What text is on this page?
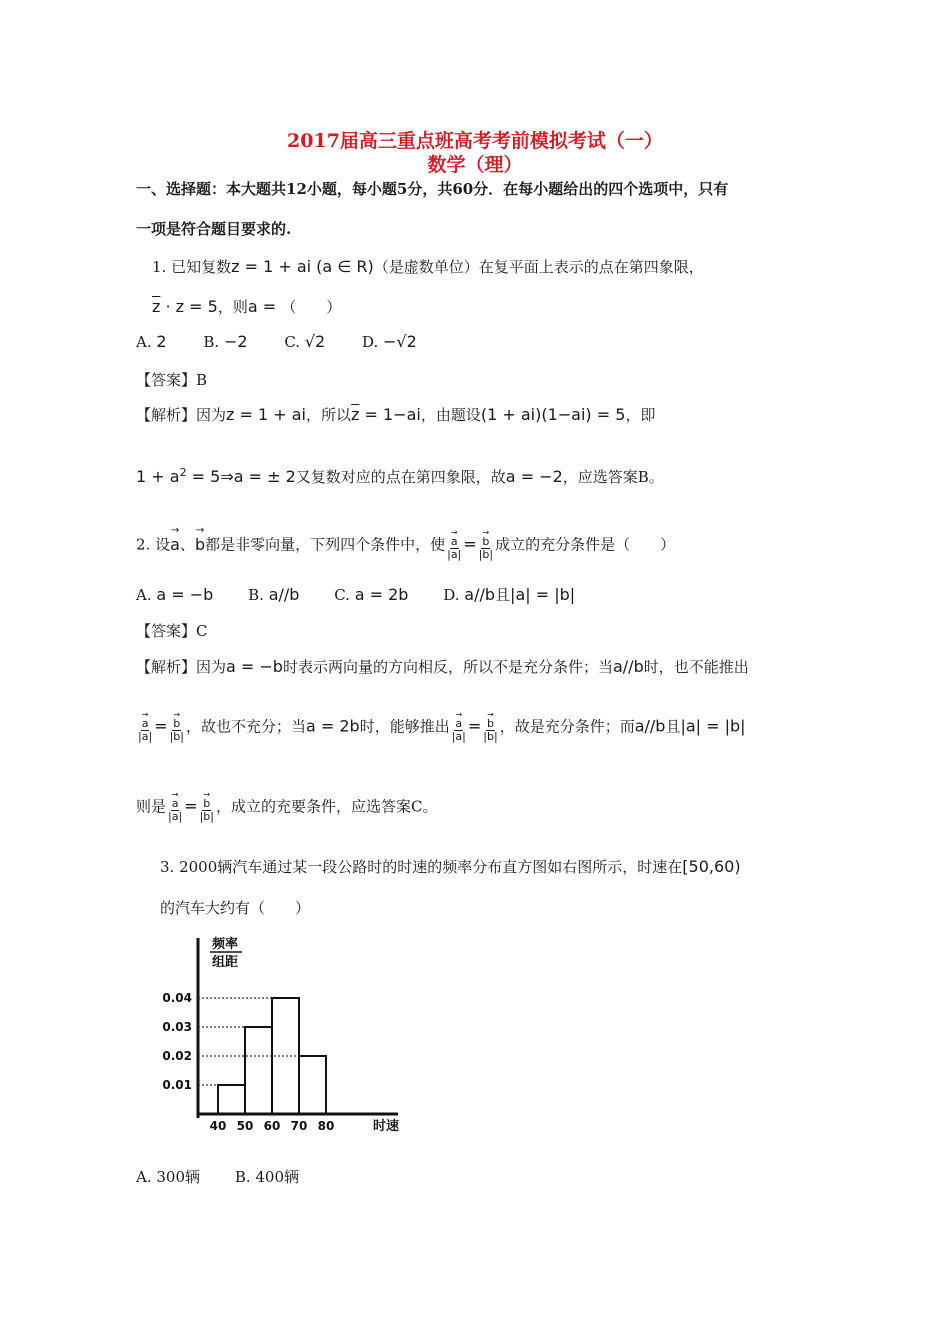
2017届高三重点班高考考前模拟考试（一）
数学（理）
一、选择题：本大题共12小题，每小题5分，共60分．在每小题给出的四个选项中，只有
一项是符合题目要求的.
1. 已知复数z = 1 + ai (a ∈ R)（是虚数单位）在复平面上表示的点在第四象限，
$\overline{z} \cdot z = 5$，则a = （　　）
A. 2 B. −2 C. √2 D. −√2
【答案】B
【解析】因为z = 1 + ai，所以$\overline{z} = 1-ai$，由题设(1 + ai)(1−ai) = 5，即
$1 + a^2$ = 5⇒a = ± 2又复数对应的点在第四象限，故a = −2，应选答案B。
2. 设→ a、→ b都是非零向量，下列四个条件中，使 → $\frac{a}{|a|}$ = → $\frac{b}{|b|}$ 成立的充分条件是（　　）
A. a = −b B. a//b C. a = 2b D. a//b且|a| = |b|
【答案】C
【解析】因为a = −b时表示两向量的方向相反，所以不是充分条件；当a//b时，也不能推出
→ $\frac{a}{|a|}$ = → $\frac{b}{|b|}$ ，故也不充分；当a = 2b时，能够推出 → $\frac{a}{|a|}$ = → $\frac{b}{|b|}$ ，故是充分条件；而a//b且|a| = |b|
则是 → $\frac{a}{|a|}$ = → $\frac{b}{|b|}$ ，成立的充要条件，应选答案C。
3. 2000辆汽车通过某一段公路时的时速的频率分布直方图如右图所示，时速在[50,60)
的汽车大约有（　　）
0.01
0.02
0.03
0.04
40 50 60 70 80
频率
组距
时速
A. 300辆 B. 400辆
